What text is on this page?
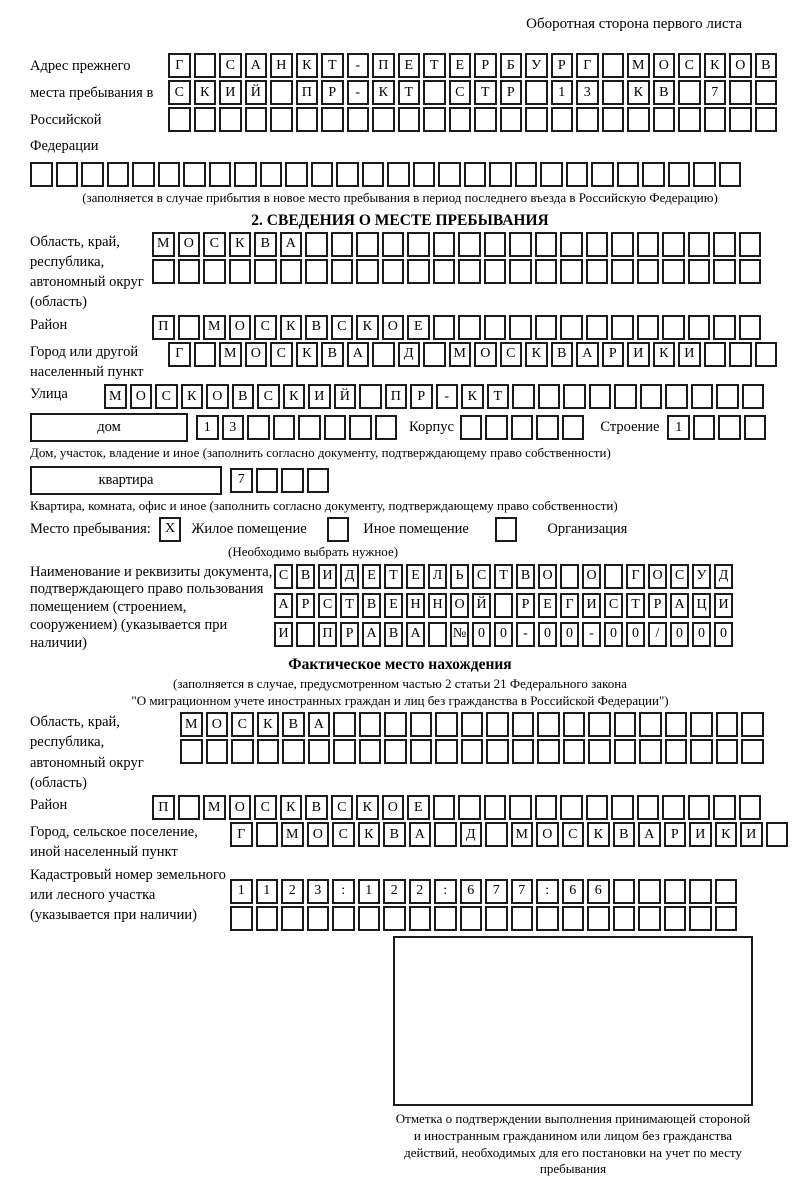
Оборотная сторона первого листа
Адрес прежнего места пребывания в Российской Федерации
Г	С	А	Н	К	Т	-	П	Е	Т	Е	Р	Б	У	Р	Г	М	О	С	К	О	В
С	К	И	Й	П	Р	-	К	Т	С	Т	Р	1	3	К	В	7
(заполняется в случае прибытия в новое место пребывания в период последнего въезда в Российскую Федерацию)
2. СВЕДЕНИЯ О МЕСТЕ ПРЕБЫВАНИЯ
Область, край, республика, автономный округ (область)
М	О	С	К	В	А
Район	П	М	О	С	К	В	С	К	О	Е
Город или другой населенный пункт
Г	М	О	С	К	В	А	Д	М	О	С	К	В	А	Р	И	К	И
Улица	М	О	С	К	О	В	С	К	И	Й	П	Р	-	К	Т
дом	1	3	Корпус	Строение	1
Дом, участок, владение и иное (заполнить согласно документу, подтверждающему право собственности)
квартира	7
Квартира, комната, офис и иное (заполнить согласно документу, подтверждающему право собственности)
Место пребывания:	X	Жилое помещение	Иное помещение	Организация
(Необходимо выбрать нужное)
Наименование и реквизиты документа, подтверждающего право пользования помещением (строением, сооружением) (указывается при наличии)
С В И Д Е Т Е Л Ь С Т В О	О	Г О С У Д
А Р С Т В Е Н Н О Й	Р Е Г И С Т Р А Ц И
И	П Р А В А	№ 0	0	-	0	0	-	0	0	/	0	0	0
Фактическое место нахождения
(заполняется в случае, предусмотренном частью 2 статьи 21 Федерального закона
"О миграционном учете иностранных граждан и лиц без гражданства в Российской Федерации")
Область, край, республика, автономный округ (область)
М	О	С	К	В	А
Район	П	М	О	С	К	В	С	К	О	Е
Город, сельское поселение, иной населенный пункт
Г	М	О	С	К	В	А	Д	М	О	С	К	В	А	Р	И	К	И
Кадастровый номер земельного или лесного участка (указывается при наличии)
1	1	2	3	:	1	2	2	:	6	7	7	:	6	6
Отметка о подтверждении выполнения принимающей стороной и иностранным гражданином или лицом без гражданства действий, необходимых для его постановки на учет по месту пребывания
